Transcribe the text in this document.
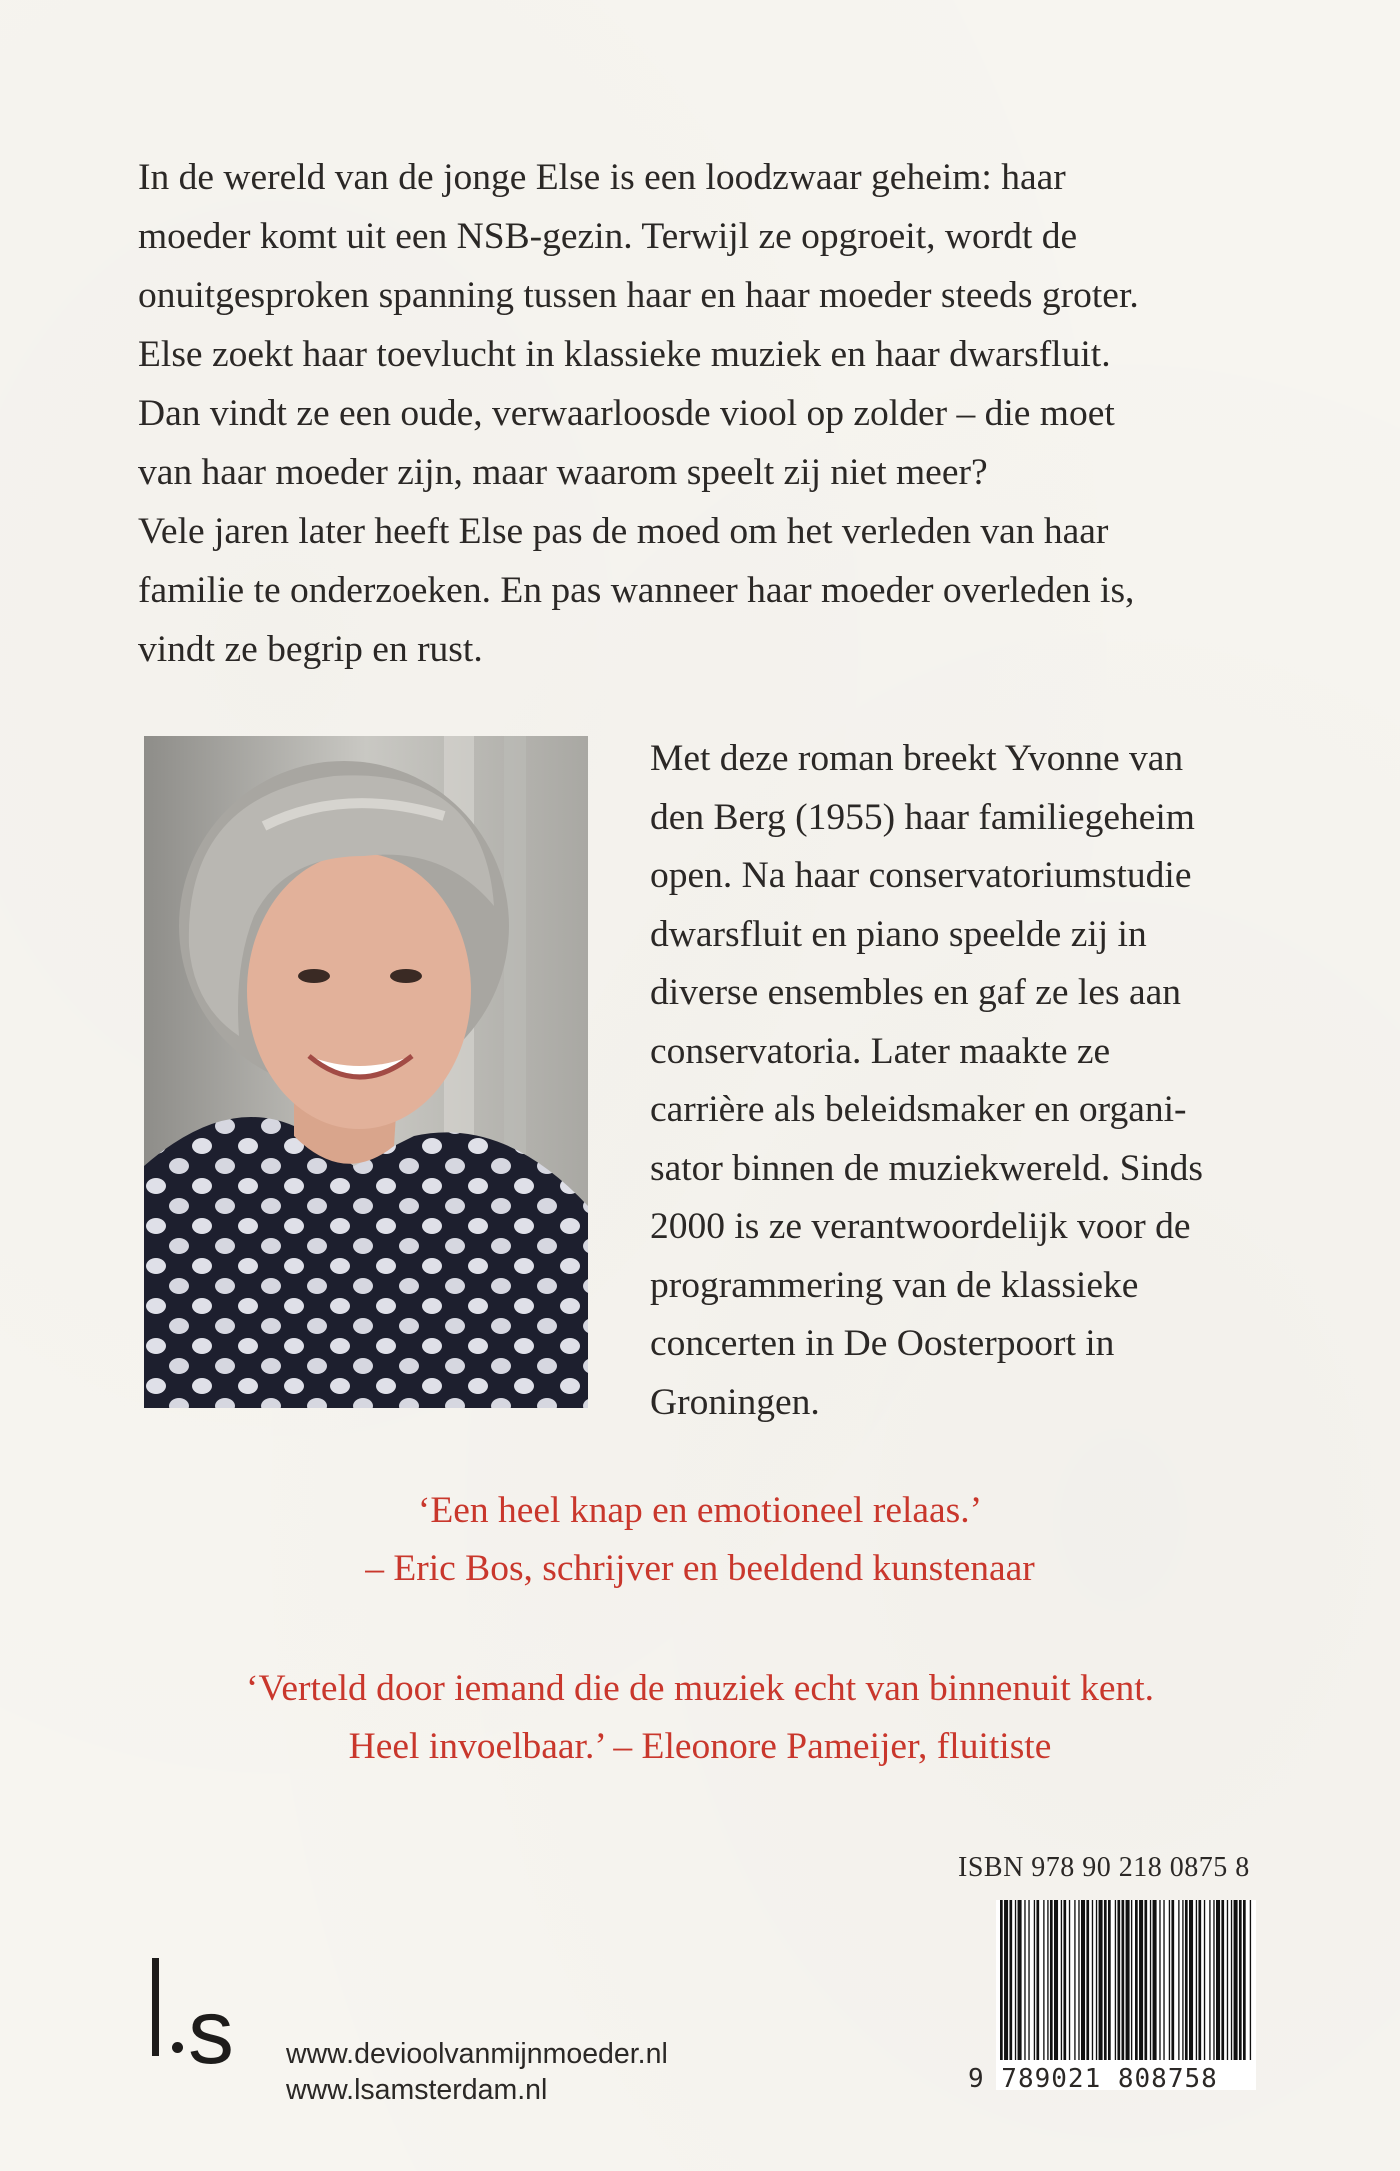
In de wereld van de jonge Else is een loodzwaar geheim: haar

moeder komt uit een NSB-gezin. Terwijl ze opgroeit, wordt de

onuitgesproken spanning tussen haar en haar moeder steeds groter.

Else zoekt haar toevlucht in klassieke muziek en haar dwarsfluit.

Dan vindt ze een oude, verwaarloosde viool op zolder – die moet

van haar moeder zijn, maar waarom speelt zij niet meer?

Vele jaren later heeft Else pas de moed om het verleden van haar

familie te onderzoeken. En pas wanneer haar moeder overleden is,

vindt ze begrip en rust.

Met deze roman breekt Yvonne van

den Berg (1955) haar familiegeheim

open. Na haar conservatoriumstudie

dwarsfluit en piano speelde zij in

diverse ensembles en gaf ze les aan

conservatoria. Later maakte ze

carrière als beleidsmaker en organi-

sator binnen de muziekwereld. Sinds

2000 is ze verantwoordelijk voor de

programmering van de klassieke

concerten in De Oosterpoort in

Groningen.

‘Een heel knap en emotioneel relaas.’
– Eric Bos, schrijver en beeldend kunstenaar
‘Verteld door iemand die de muziek echt van binnenuit kent.
Heel invoelbaar.’ – Eleonore Pameijer, fluitiste
ISBN 978 90 218 0875 8
9 789021 808758
s www.devioolvanmijnmoeder.nl
www.lsamsterdam.nl
